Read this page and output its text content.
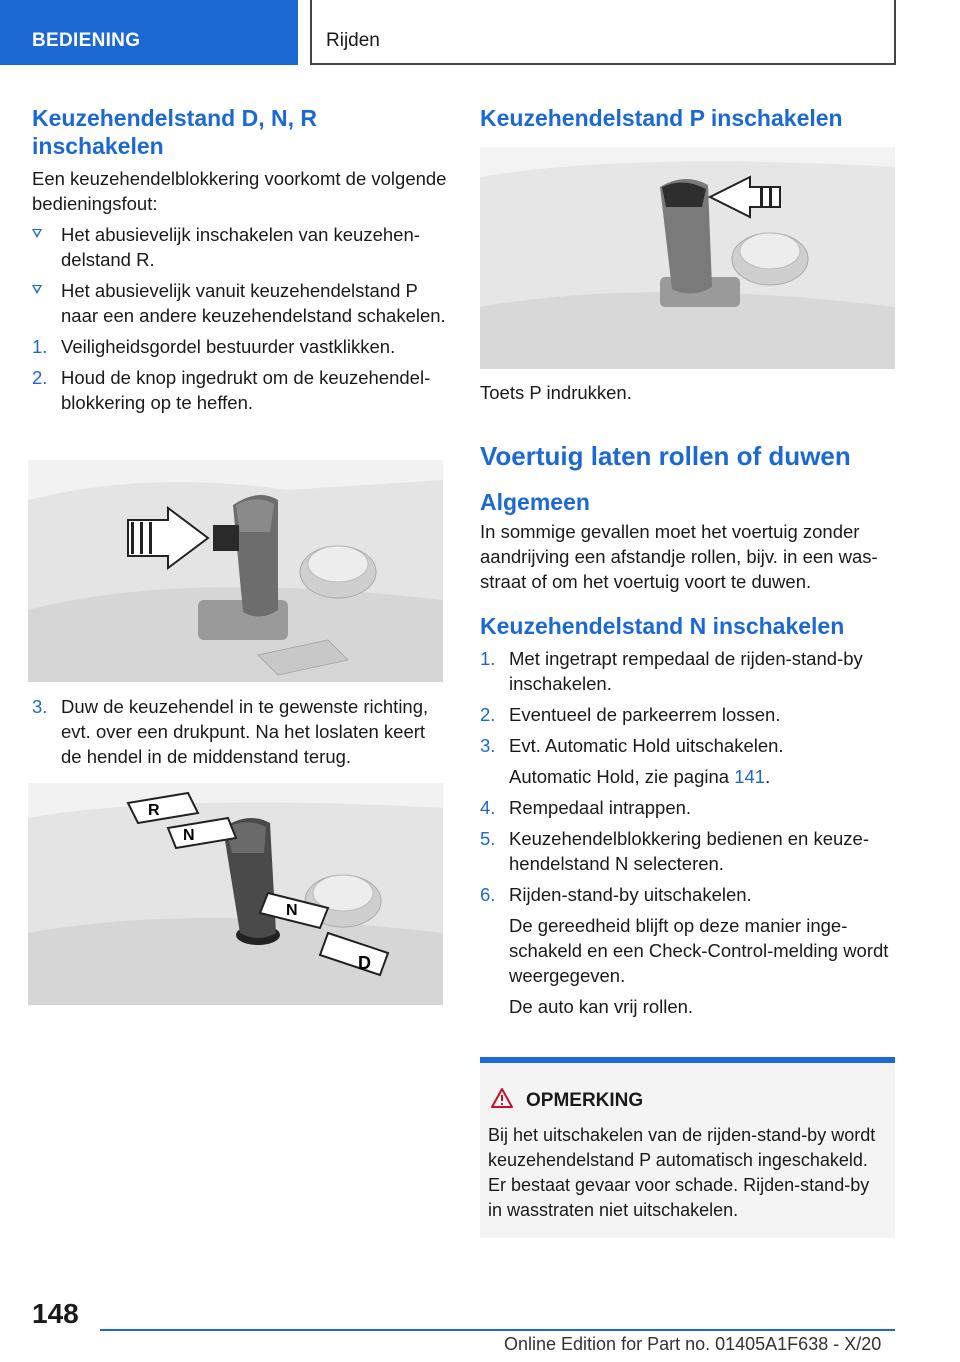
BEDIENING	Rijden
Keuzehendelstand D, N, R inschakelen

Een keuzehendelblokkering voorkomt de volgende bedieningsfout:

Het abusievelijk inschakelen van keuzehendelstand R.
Het abusievelijk vanuit keuzehendelstand P naar een andere keuzehendelstand schakelen.
1. Veiligheidsgordel bestuurder vastklikken.
2. Houd de knop ingedrukt om de keuzehendelblokkering op te heffen.
3. Duw de keuzehendel in te gewenste richting, evt. over een drukpunt. Na het loslaten keert de hendel in de middenstand terug.
R
N
N
D
Keuzehendelstand P inschakelen

Toets P indrukken.

Voertuig laten rollen of duwen
Algemeen

In sommige gevallen moet het voertuig zonder aandrijving een afstandje rollen, bijv. in een wasstraat of om het voertuig voort te duwen.

Keuzehendelstand N inschakelen
1. Met ingetrapt rempedaal de rijden-stand-by inschakelen.
2. Eventueel de parkeerrem lossen.
3. Evt. Automatic Hold uitschakelen.
Automatic Hold, zie pagina 141.
4. Rempedaal intrappen.
5. Keuzehendelblokkering bedienen en keuzehendelstand N selecteren.
6. Rijden-stand-by uitschakelen.
De gereedheid blijft op deze manier ingeschakeld en een Check-Control-melding wordt weergegeven.
De auto kan vrij rollen.
OPMERKING

Bij het uitschakelen van de rijden-stand-by wordt keuzehendelstand P automatisch ingeschakeld. Er bestaat gevaar voor schade. Rijden-stand-by in wasstraten niet uitschakelen.

148
Online Edition for Part no. 01405A1F638 - X/20
